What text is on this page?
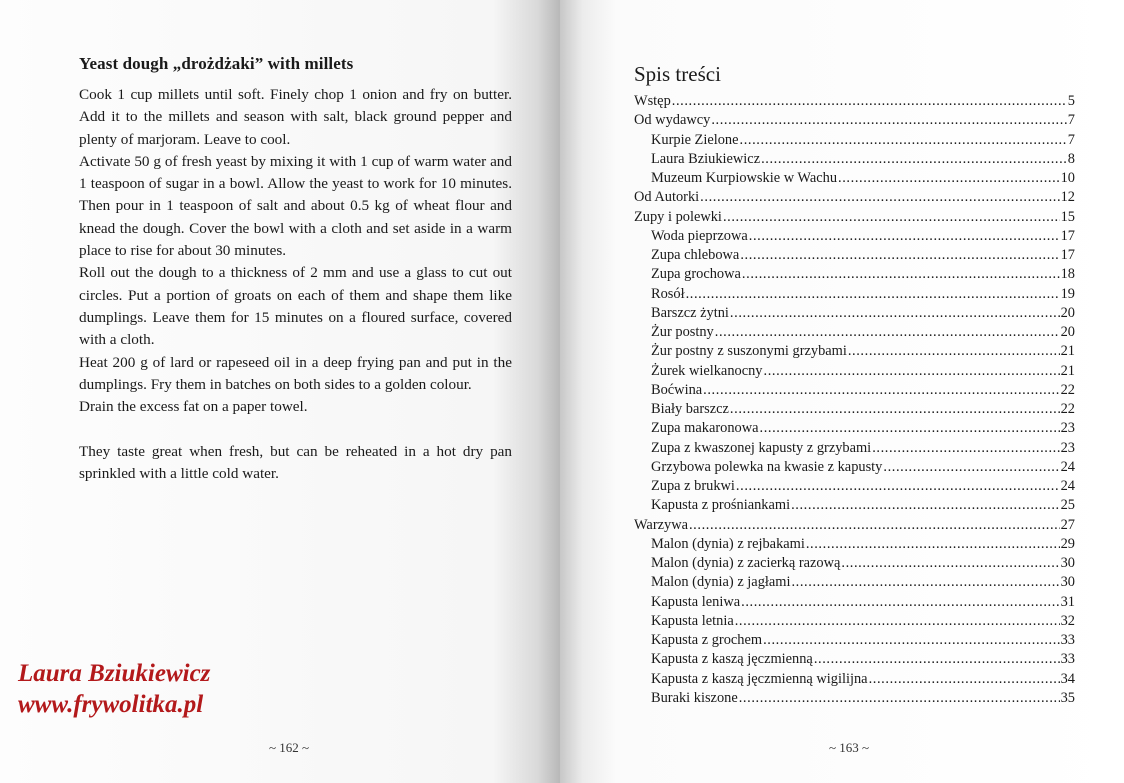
Yeast dough „drożdżaki” with millets

Cook 1 cup millets until soft. Finely chop 1 onion and fry on butter. Add it to the millets and season with salt, black ground pepper and plenty of marjoram. Leave to cool.

Activate 50 g of fresh yeast by mixing it with 1 cup of warm water and 1 teaspoon of sugar in a bowl. Allow the yeast to work for 10 minutes. Then pour in 1 teaspoon of salt and about 0.5 kg of wheat flour and knead the dough. Cover the bowl with a cloth and set aside in a warm place to rise for about 30 minutes.

Roll out the dough to a thickness of 2 mm and use a glass to cut out circles. Put a portion of groats on each of them and shape them like dumplings. Leave them for 15 minutes on a floured surface, covered with a cloth.

Heat 200 g of lard or rapeseed oil in a deep frying pan and put in the dumplings. Fry them in batches on both sides to a golden colour.

Drain the excess fat on a paper towel.

They taste great when fresh, but can be reheated in a hot dry pan sprinkled with a little cold water.

Laura Bziukiewicz
www.frywolitka.pl
~ 162 ~
Spis treści
Wstęp .....	5
Od wydawcy .....	7
Kurpie Zielone .....	7
Laura Bziukiewicz .....	8
Muzeum Kurpiowskie w Wachu .....	10
Od Autorki .....	12
Zupy i polewki .....	15
Woda pieprzowa .....	17
Zupa chlebowa .....	17
Zupa grochowa .....	18
Rosół .....	19
Barszcz żytni .....	20
Żur postny .....	20
Żur postny z suszonymi grzybami .....	21
Żurek wielkanocny .....	21
Boćwina .....	22
Biały barszcz .....	22
Zupa makaronowa .....	23
Zupa z kwaszonej kapusty z grzybami .....	23
Grzybowa polewka na kwasie z kapusty .....	24
Zupa z brukwi .....	24
Kapusta z prośniankami .....	25
Warzywa .....	27
Malon (dynia) z rejbakami .....	29
Malon (dynia) z zacierką razową .....	30
Malon (dynia) z jagłami .....	30
Kapusta leniwa .....	31
Kapusta letnia .....	32
Kapusta z grochem .....	33
Kapusta z kaszą jęczmienną .....	33
Kapusta z kaszą jęczmienną wigilijna .....	34
Buraki kiszone .....	35
~ 163 ~
